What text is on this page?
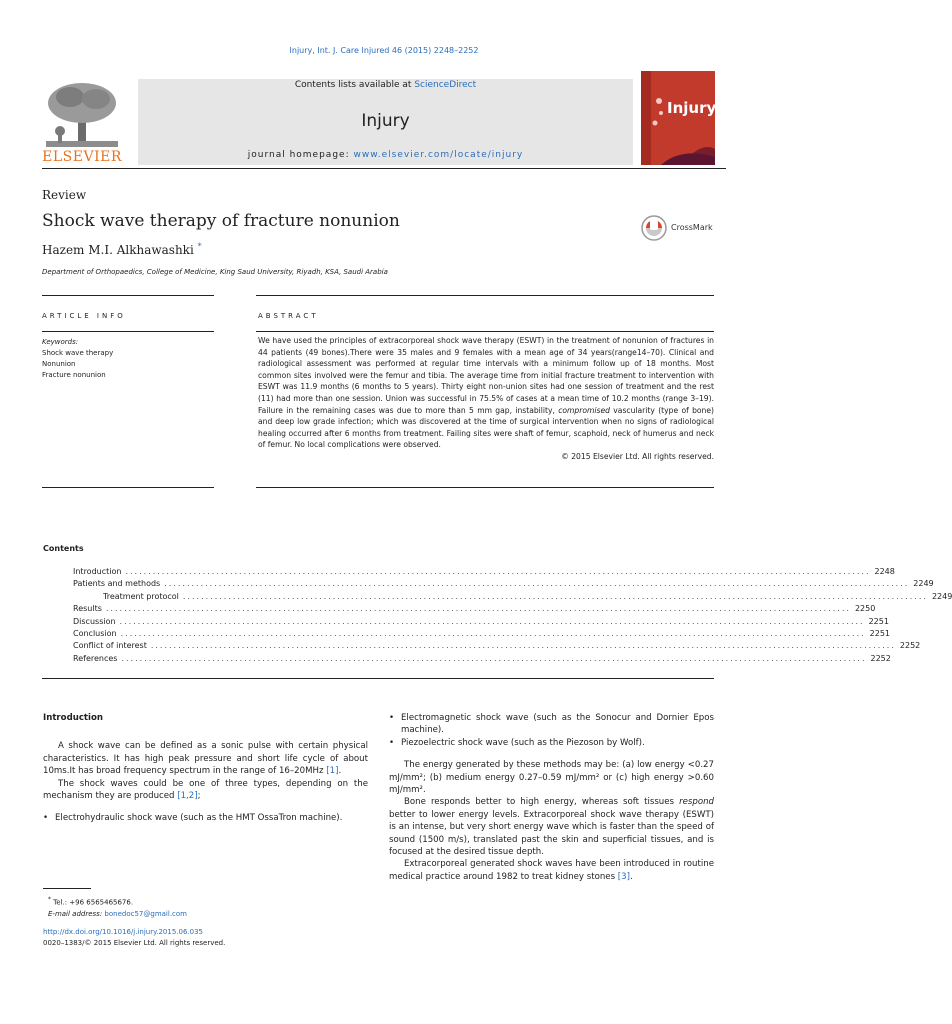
Injury, Int. J. Care Injured 46 (2015) 2248–2252
ELSEVIER
Contents lists available at ScienceDirect
Injury
journal homepage: www.elsevier.com/locate/injury
Injury
Review
Shock wave therapy of fracture nonunion	CrossMark
Hazem M.I. Alkhawashki *
Department of Orthopaedics, College of Medicine, King Saud University, Riyadh, KSA, Saudi Arabia
ARTICLE INFO	ABSTRACT
Keywords:
Shock wave therapy
Nonunion
Fracture nonunion
We have used the principles of extracorporeal shock wave therapy (ESWT) in the treatment of nonunion of fractures in 44 patients (49 bones).There were 35 males and 9 females with a mean age of 34 years(range14–70). Clinical and radiological assessment was performed at regular time intervals with a minimum follow up of 18 months. Most common sites involved were the femur and tibia. The average time from initial fracture treatment to intervention with ESWT was 11.9 months (6 months to 5 years). Thirty eight non-union sites had one session of treatment and the rest (11) had more than one session. Union was successful in 75.5% of cases at a mean time of 10.2 months (range 3–19). Failure in the remaining cases was due to more than 5 mm gap, instability, compromised vascularity (type of bone) and deep low grade infection; which was discovered at the time of surgical intervention when no signs of radiological healing occurred after 6 months from treatment. Failing sites were shaft of femur, scaphoid, neck of humerus and neck of femur. No local complications were observed.
© 2015 Elsevier Ltd. All rights reserved.
Contents
Introduction .................................................................................................................................................................... 2248
Patients and methods .................................................................................................................................................................... 2249
Treatment protocol .................................................................................................................................................................... 2249
Results .................................................................................................................................................................... 2250
Discussion .................................................................................................................................................................... 2251
Conclusion .................................................................................................................................................................... 2251
Conflict of interest .................................................................................................................................................................... 2252
References .................................................................................................................................................................... 2252
Introduction

A shock wave can be defined as a sonic pulse with certain physical characteristics. It has high peak pressure and short life cycle of about 10ms.It has broad frequency spectrum in the range of 16–20MHz [1].

The shock waves could be one of three types, depending on the mechanism they are produced [1,2];

• Electrohydraulic shock wave (such as the HMT OssaTron machine).
• Electromagnetic shock wave (such as the Sonocur and Dornier Epos machine).
• Piezoelectric shock wave (such as the Piezoson by Wolf).

The energy generated by these methods may be: (a) low energy <0.27 mJ/mm²; (b) medium energy 0.27–0.59 mJ/mm² or (c) high energy >0.60 mJ/mm².

Bone responds better to high energy, whereas soft tissues respond better to lower energy levels. Extracorporeal shock wave therapy (ESWT) is an intense, but very short energy wave which is faster than the speed of sound (1500 m/s), translated past the skin and superficial tissues, and is focused at the desired tissue depth.

Extracorporeal generated shock waves have been introduced in routine medical practice around 1982 to treat kidney stones [3].

* Tel.: +96 6565465676.
E-mail address: bonedoc57@gmail.com
http://dx.doi.org/10.1016/j.injury.2015.06.035
0020–1383/© 2015 Elsevier Ltd. All rights reserved.
